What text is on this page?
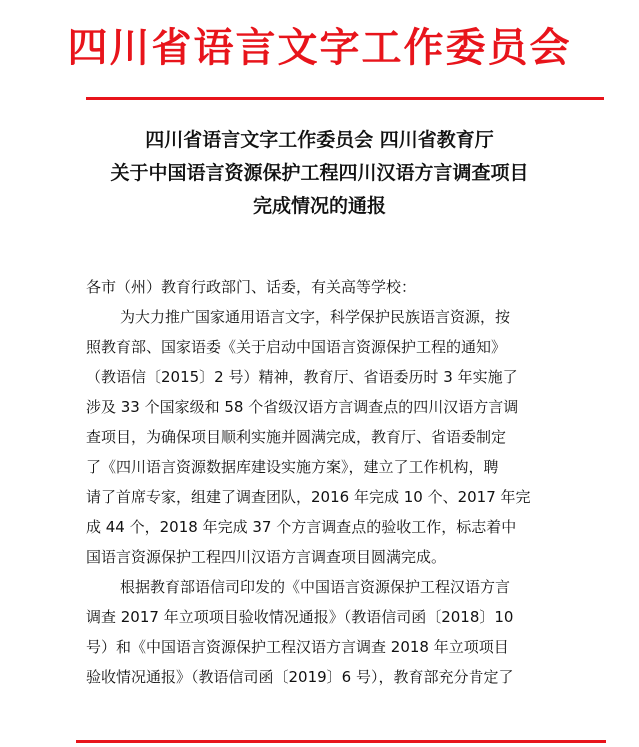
四川省语言文字工作委员会
四川省语言文字工作委员会 四川省教育厅
关于中国语言资源保护工程四川汉语方言调查项目
完成情况的通报
各市（州）教育行政部门、话委，有关高等学校：
为大力推广国家通用语言文字，科学保护民族语言资源，按
照教育部、国家语委《关于启动中国语言资源保护工程的通知》
（教语信〔2015〕2 号）精神，教育厅、省语委历时 3 年实施了
涉及 33 个国家级和 58 个省级汉语方言调查点的四川汉语方言调
查项目，为确保项目顺利实施并圆满完成，教育厅、省语委制定
了《四川语言资源数据库建设实施方案》，建立了工作机构，聘
请了首席专家，组建了调查团队，2016 年完成 10 个、2017 年完
成 44 个，2018 年完成 37 个方言调查点的验收工作，标志着中
国语言资源保护工程四川汉语方言调查项目圆满完成。
根据教育部语信司印发的《中国语言资源保护工程汉语方言
调查 2017 年立项项目验收情况通报》（教语信司函〔2018〕10
号）和《中国语言资源保护工程汉语方言调查 2018 年立项项目
验收情况通报》（教语信司函〔2019〕6 号），教育部充分肯定了
